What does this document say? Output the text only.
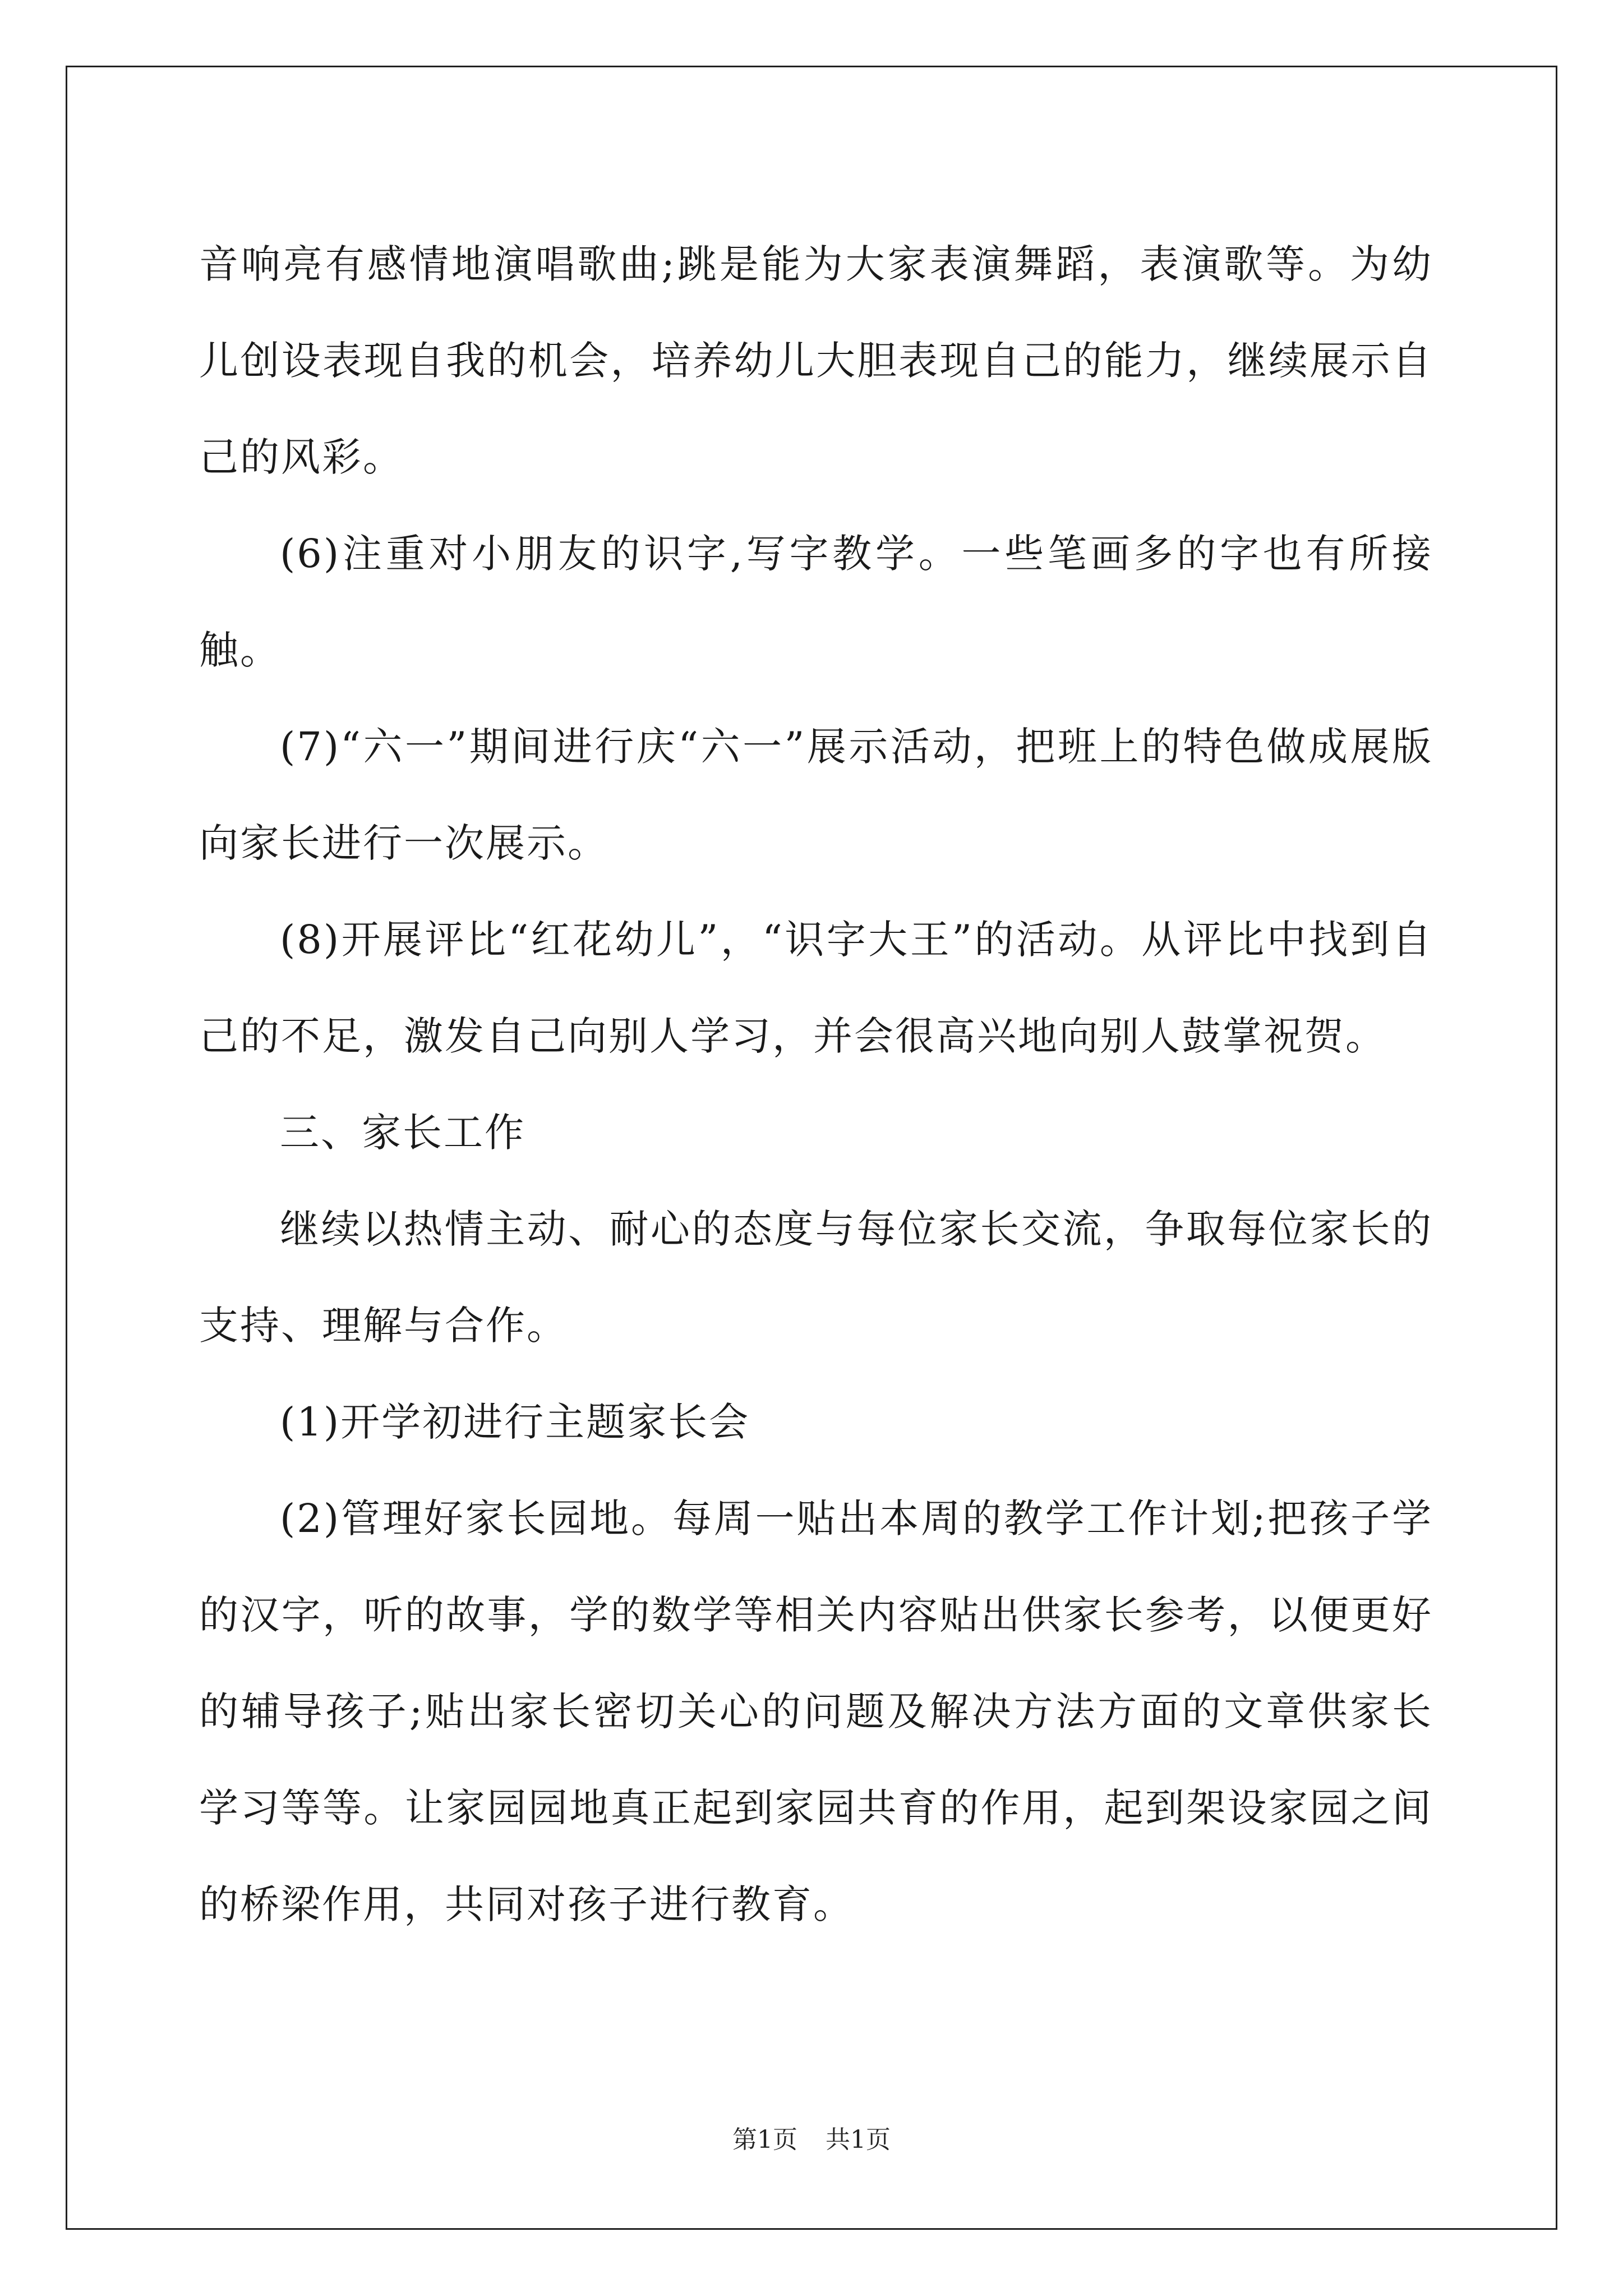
音响亮有感情地演唱歌曲;跳是能为大家表演舞蹈，表演歌等。为幼儿创设表现自我的机会，培养幼儿大胆表现自己的能力，继续展示自己的风彩。

(6)注重对小朋友的识字,写字教学。一些笔画多的字也有所接触。

(7)“六一”期间进行庆“六一”展示活动，把班上的特色做成展版向家长进行一次展示。

(8)开展评比“红花幼儿”，“识字大王”的活动。从评比中找到自己的不足，激发自己向别人学习，并会很高兴地向别人鼓掌祝贺。

三、家长工作

继续以热情主动、耐心的态度与每位家长交流，争取每位家长的支持、理解与合作。

(1)开学初进行主题家长会

(2)管理好家长园地。每周一贴出本周的教学工作计划;把孩子学的汉字，听的故事，学的数学等相关内容贴出供家长参考，以便更好的辅导孩子;贴出家长密切关心的问题及解决方法方面的文章供家长学习等等。让家园园地真正起到家园共育的作用，起到架设家园之间的桥梁作用，共同对孩子进行教育。

第1页 共1页
